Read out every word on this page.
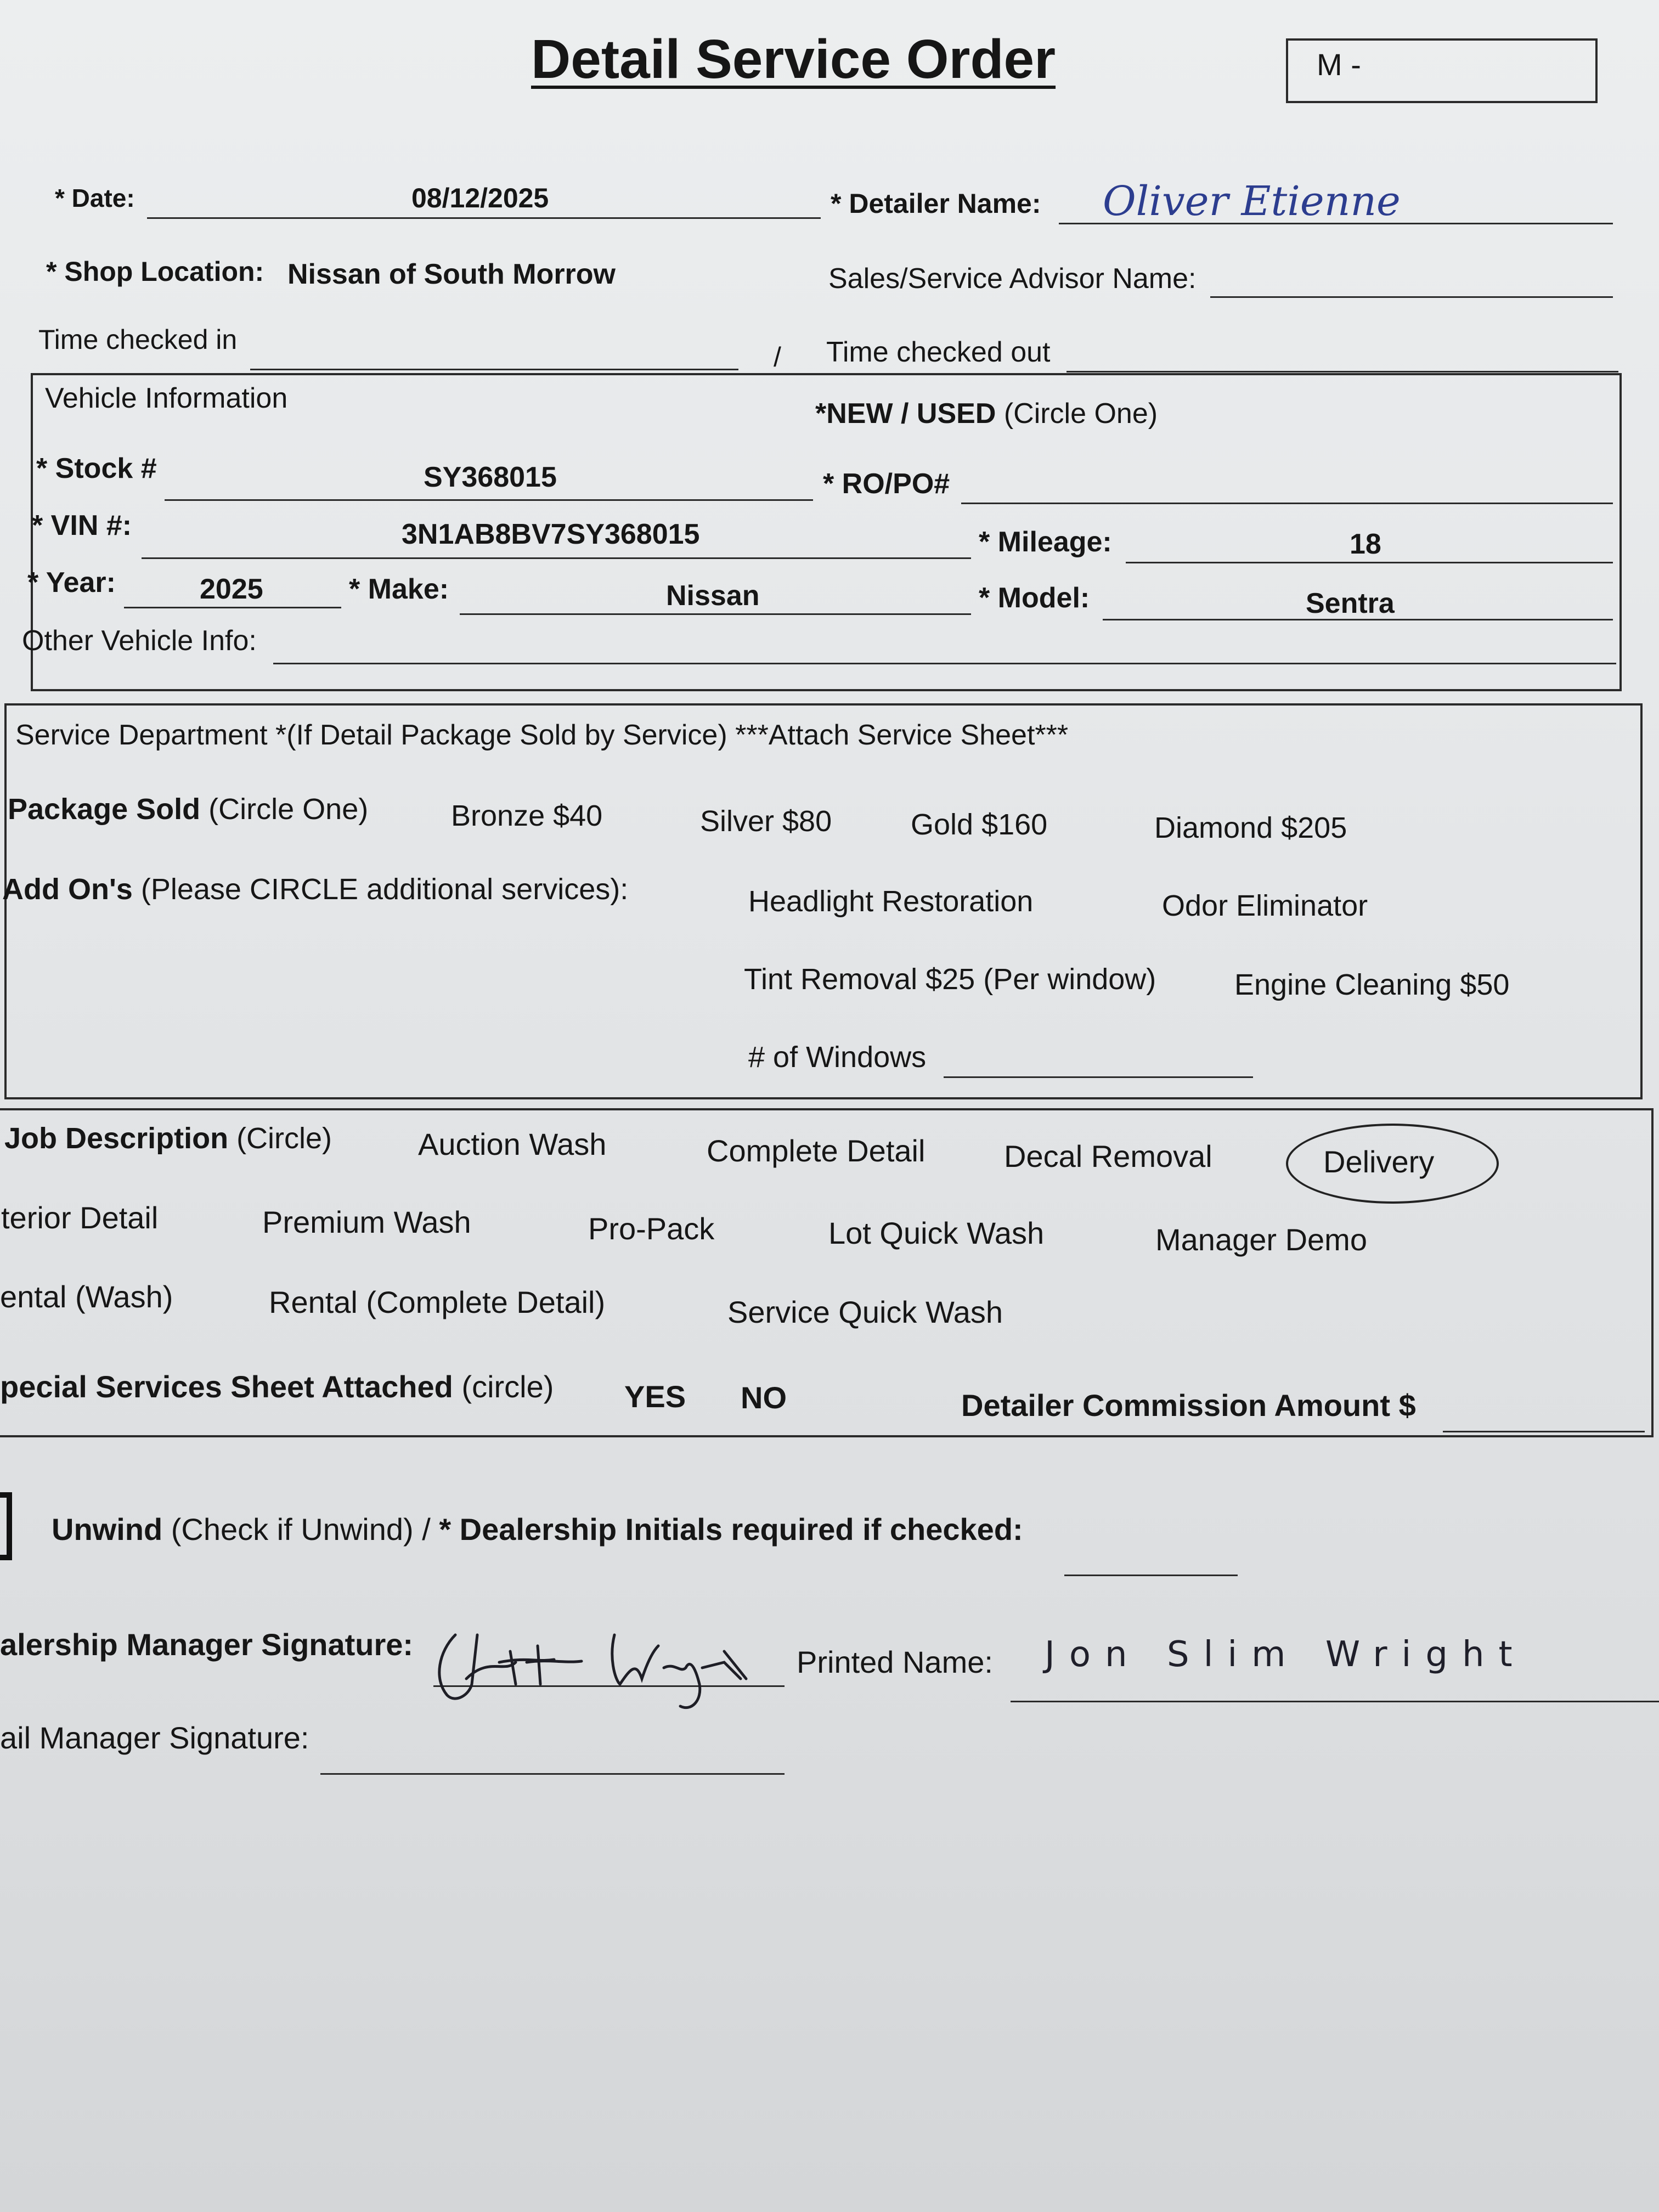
Detail Service Order	M -
* Date:	08/12/2025	* Detailer Name: Oliver Etienne
* Shop Location: Nissan of South Morrow	Sales/Service Advisor Name:
Time checked in
/ Time checked out
Vehicle Information	*NEW / USED (Circle One)
* Stock #	SY368015	* RO/PO#
* VIN #:	3N1AB8BV7SY368015	* Mileage:	18
* Year:	2025	* Make:	Nissan	* Model:	Sentra
Other Vehicle Info:
Service Department *(If Detail Package Sold by Service) ***Attach Service Sheet***
Package Sold (Circle One)	Bronze $40	Silver $80	Gold $160	Diamond $205
Add On's (Please CIRCLE additional services):	Headlight Restoration	Odor Eliminator
Tint Removal $25 (Per window)	Engine Cleaning $50
# of Windows
Job Description (Circle)	Auction Wash	Complete Detail	Decal Removal	Delivery
terior Detail	Premium Wash	Pro-Pack	Lot Quick Wash	Manager Demo
ental (Wash)	Rental (Complete Detail)	Service Quick Wash
pecial Services Sheet Attached (circle) YES NO	Detailer Commission Amount $
Unwind (Check if Unwind) / * Dealership Initials required if checked:
alership Manager Signature:
Printed Name: Jon Slim Wright
ail Manager Signature:
